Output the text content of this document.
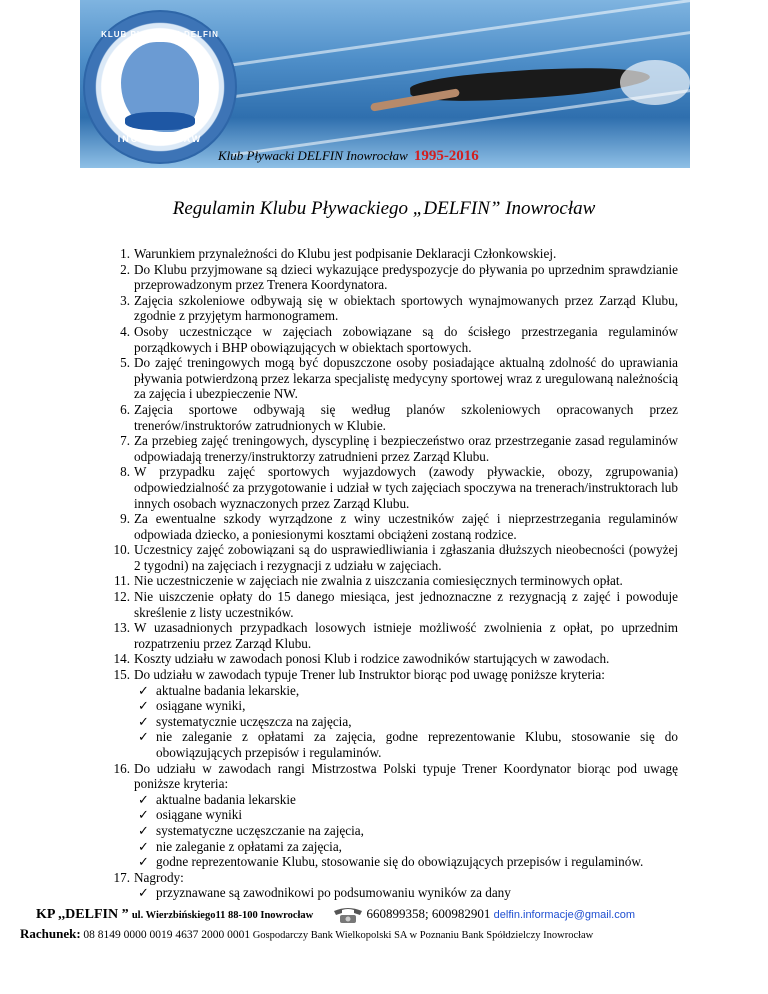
KLUB PŁYWACKI DELFIN
INOWROCŁAW
Klub Pływacki DELFIN Inowrocław 1995-2016
Regulamin Klubu Pływackiego „DELFIN” Inowrocław
1. Warunkiem przynależności do Klubu jest podpisanie Deklaracji Członkowskiej.
2. Do Klubu przyjmowane są dzieci wykazujące predyspozycje do pływania po uprzednim sprawdzianie przeprowadzonym przez Trenera Koordynatora.
3. Zajęcia szkoleniowe odbywają się w obiektach sportowych wynajmowanych przez Zarząd Klubu, zgodnie z przyjętym harmonogramem.
4. Osoby uczestniczące w zajęciach zobowiązane są do ścisłego przestrzegania regulaminów porządkowych i BHP obowiązujących w obiektach sportowych.
5. Do zajęć treningowych mogą być dopuszczone osoby posiadające aktualną zdolność do uprawiania pływania potwierdzoną przez lekarza specjalistę medycyny sportowej wraz z uregulowaną należnością za zajęcia i ubezpieczenie NW.
6. Zajęcia sportowe odbywają się według planów szkoleniowych opracowanych przez trenerów/instruktorów zatrudnionych w Klubie.
7. Za przebieg zajęć treningowych, dyscyplinę i bezpieczeństwo oraz przestrzeganie zasad regulaminów odpowiadają trenerzy/instruktorzy zatrudnieni przez Zarząd Klubu.
8. W przypadku zajęć sportowych wyjazdowych (zawody pływackie, obozy, zgrupowania) odpowiedzialność za przygotowanie i udział w tych zajęciach spoczywa na trenerach/instruktorach lub innych osobach wyznaczonych przez Zarząd Klubu.
9. Za ewentualne szkody wyrządzone z winy uczestników zajęć i nieprzestrzegania regulaminów odpowiada dziecko, a poniesionymi kosztami obciążeni zostaną rodzice.
10. Uczestnicy zajęć zobowiązani są do usprawiedliwiania i zgłaszania dłuższych nieobecności (powyżej 2 tygodni) na zajęciach i rezygnacji z udziału w zajęciach.
11. Nie uczestniczenie w zajęciach nie zwalnia z uiszczania comiesięcznych terminowych opłat.
12. Nie uiszczenie opłaty do 15 danego miesiąca, jest jednoznaczne z rezygnacją z zajęć i powoduje skreślenie z listy uczestników.
13. W uzasadnionych przypadkach losowych istnieje możliwość zwolnienia z opłat, po uprzednim rozpatrzeniu przez Zarząd Klubu.
14. Koszty udziału w zawodach ponosi Klub i rodzice zawodników startujących w zawodach.
15. Do udziału w zawodach typuje Trener lub Instruktor biorąc pod uwagę poniższe kryteria:
✓ aktualne badania lekarskie,
✓ osiągane wyniki,
✓ systematycznie uczęszcza na zajęcia,
✓ nie zaleganie z opłatami za zajęcia, godne reprezentowanie Klubu, stosowanie się do obowiązujących przepisów i regulaminów.
16. Do udziału w zawodach rangi Mistrzostwa Polski typuje Trener Koordynator biorąc pod uwagę poniższe kryteria:
✓ aktualne badania lekarskie
✓ osiągane wyniki
✓ systematyczne uczęszczanie na zajęcia,
✓ nie zaleganie z opłatami za zajęcia,
✓ godne reprezentowanie Klubu, stosowanie się do obowiązujących przepisów i regulaminów.
17. Nagrody:
✓ przyznawane są zawodnikowi po podsumowaniu wyników za dany
KP ,,DELFIN ” ul. Wierzbińskiego11 88-100 Inowrocław	660899358; 600982901 delfin.informacje@gmail.com
Rachunek: 08 8149 0000 0019 4637 2000 0001 Gospodarczy Bank Wielkopolski SA w Poznaniu Bank Spółdzielczy Inowrocław
